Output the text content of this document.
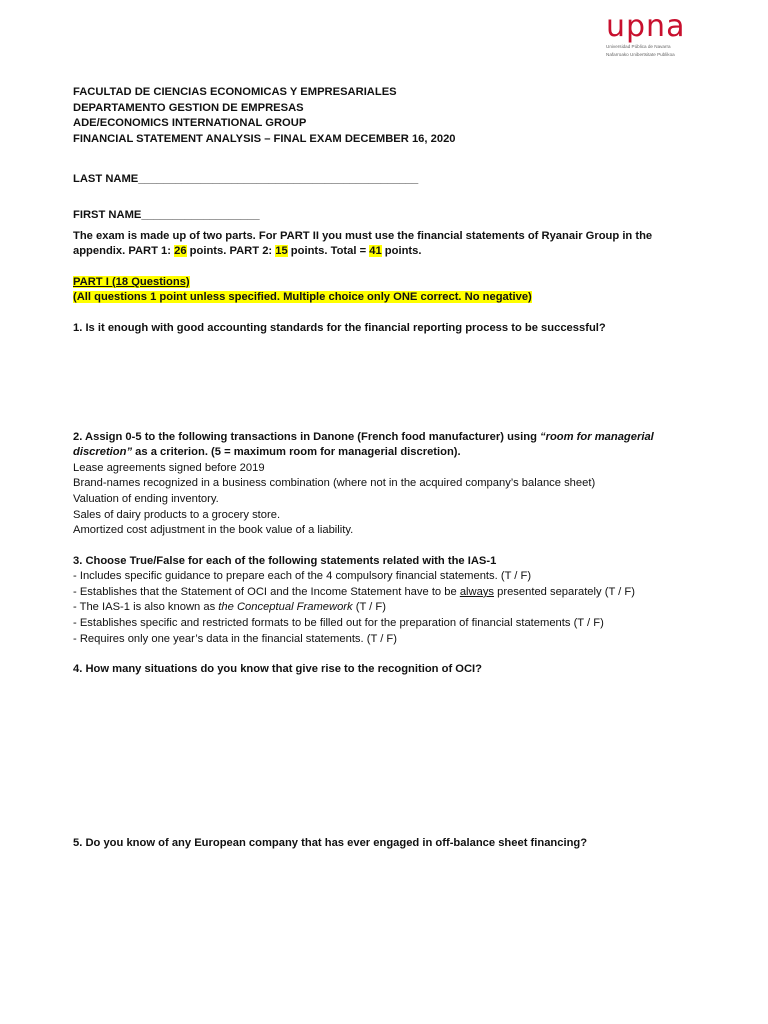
upna
Universidad Pública de Navarra
Nafarroako Unibertsitate Publikoa
FACULTAD DE CIENCIAS ECONOMICAS Y EMPRESARIALES
DEPARTAMENTO GESTION DE EMPRESAS
ADE/ECONOMICS INTERNATIONAL GROUP
FINANCIAL STATEMENT ANALYSIS – FINAL EXAM DECEMBER 16, 2020
LAST NAME_____________________________________________
FIRST NAME___________________
The exam is made up of two parts. For PART II you must use the financial statements of Ryanair Group in the
appendix. PART 1: 26 points. PART 2: 15 points. Total = 41 points.
PART I (18 Questions)
(All questions 1 point unless specified. Multiple choice only ONE correct. No negative)
1. Is it enough with good accounting standards for the financial reporting process to be successful?
2. Assign 0-5 to the following transactions in Danone (French food manufacturer) using “room for managerial
discretion” as a criterion. (5 = maximum room for managerial discretion).
Lease agreements signed before 2019
Brand-names recognized in a business combination (where not in the acquired company’s balance sheet)
Valuation of ending inventory.
Sales of dairy products to a grocery store.
Amortized cost adjustment in the book value of a liability.
3. Choose True/False for each of the following statements related with the IAS-1
- Includes specific guidance to prepare each of the 4 compulsory financial statements. (T / F)
- Establishes that the Statement of OCI and the Income Statement have to be always presented separately (T / F)
- The IAS-1 is also known as the Conceptual Framework (T / F)
- Establishes specific and restricted formats to be filled out for the preparation of financial statements (T / F)
- Requires only one year’s data in the financial statements. (T / F)
4. How many situations do you know that give rise to the recognition of OCI?
5. Do you know of any European company that has ever engaged in off-balance sheet financing?
